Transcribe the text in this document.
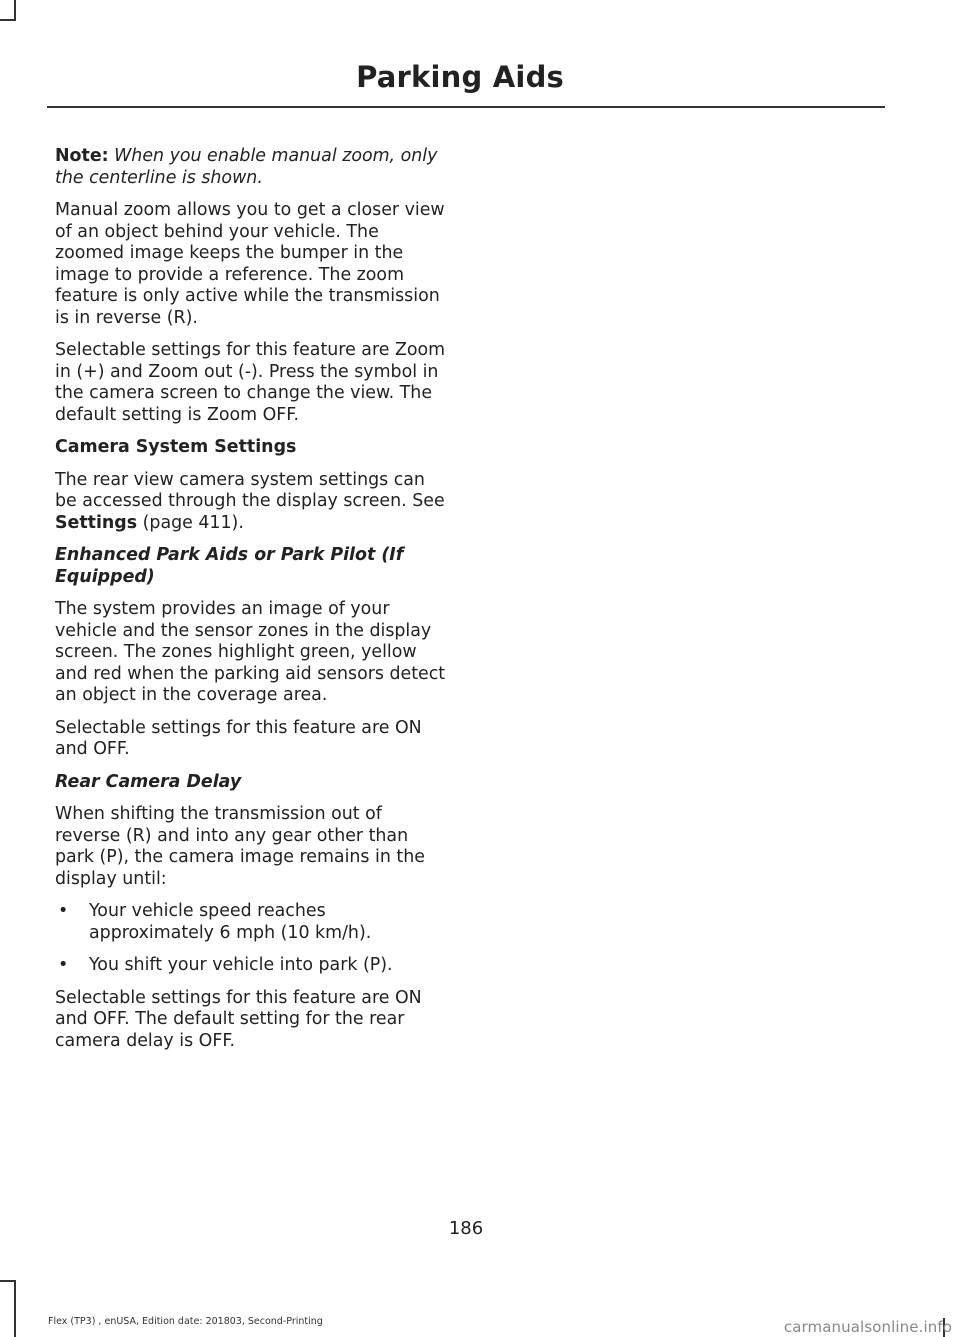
Parking Aids

Note: When you enable manual zoom, only the centerline is shown.

Manual zoom allows you to get a closer view of an object behind your vehicle. The zoomed image keeps the bumper in the image to provide a reference. The zoom feature is only active while the transmission is in reverse (R).

Selectable settings for this feature are Zoom in (+) and Zoom out (-). Press the symbol in the camera screen to change the view. The default setting is Zoom OFF.

Camera System Settings

The rear view camera system settings can be accessed through the display screen. See Settings (page 411).

Enhanced Park Aids or Park Pilot (If Equipped)

The system provides an image of your vehicle and the sensor zones in the display screen. The zones highlight green, yellow and red when the parking aid sensors detect an object in the coverage area.

Selectable settings for this feature are ON and OFF.

Rear Camera Delay

When shifting the transmission out of reverse (R) and into any gear other than park (P), the camera image remains in the display until:

• Your vehicle speed reaches approximately 6 mph (10 km/h).
• You shift your vehicle into park (P).

Selectable settings for this feature are ON and OFF. The default setting for the rear camera delay is OFF.

186
Flex (TP3) , enUSA, Edition date: 201803, Second-Printing	carmanualsonline.info
